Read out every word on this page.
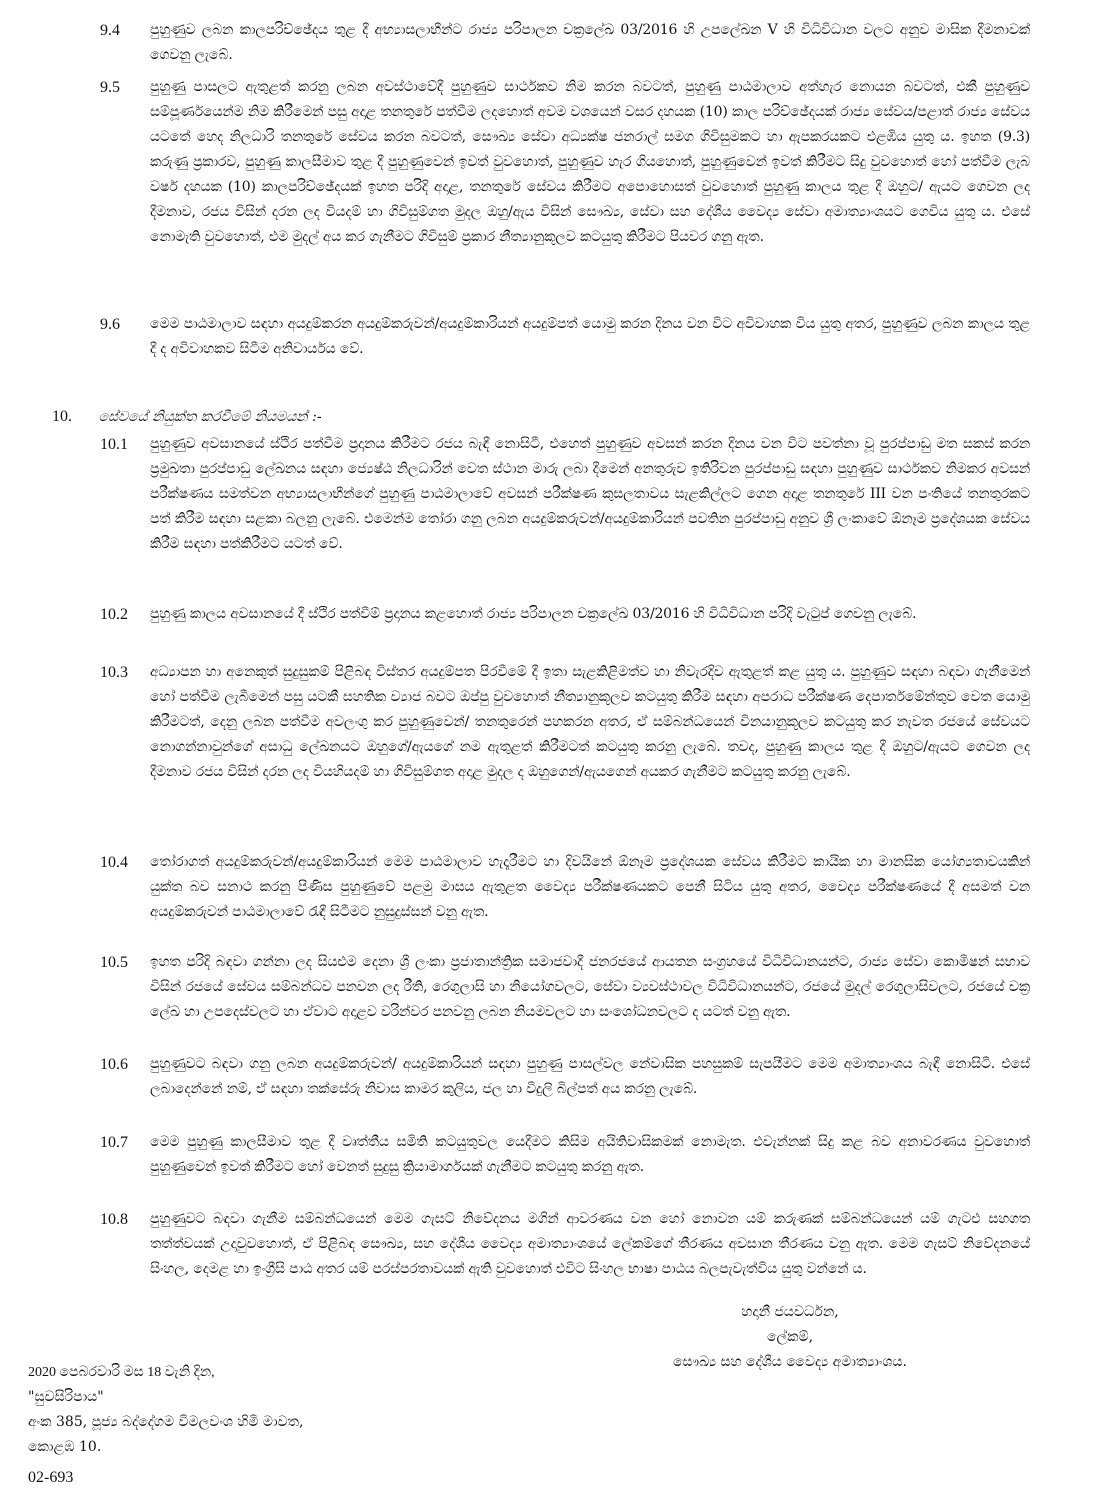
9.4	පුහුණුව ලබන කාලපරිච්ඡේදය තුළ දී අභ්‍යාසලාභීන්ට රාජ්‍ය පරිපාලන චක්‍රලේඛ 03/2016 හි උපලේඛන V හි විධිවිධාන වලට අනුව මාසික දීමනාවක් ගෙවනු ලැබේ.
9.5	පුහුණු පාසලට ඇතුළත් කරනු ලබන අවස්ථාවේදී පුහුණුව සාර්ථකව නිම කරන බවටත්, පුහුණු පාඨමාලාව අත්හැර නොයන බවටත්, එකී පුහුණුව සම්පූර්ණයෙන්ම නිම කිරීමෙන් පසු අදාළ තනතුරේ පත්වීම ලදහොත් අවම වශයෙන් වසර දහයක (10) කාල පරිච්ඡේදයක් රාජ්‍ය සේවය/පළාත් රාජ්‍ය සේවය යටතේ හෙද නිලධාරි තනතුරේ සේවය කරන බවටත්, සෞඛ්‍ය සේවා අධ්‍යක්ෂ ජනරාල් සමග ගිවිසුමකට හා ඇපකරයකට එළඹිය යුතු ය. ඉහත (9.3) කරුණු ප්‍රකාරව, පුහුණු කාලසීමාව තුළ දී පුහුණුවෙන් ඉවත් වුවහොත්, පුහුණුව හැර ගියහොත්, පුහුණුවෙන් ඉවත් කිරීමට සිදු වුවහොත් හෝ පත්වීම ලැබ වර්ෂ දහයක (10) කාලපරිච්ඡේදයක් ඉහත පරිදි අදාළ, තනතුරේ සේවය කිරීමට අපොහොසත් වුවහොත් පුහුණු කාලය තුළ දී ඔහුට/ ඇයට ගෙවන ලද දීමනාව, රජය විසින් දරන ලද වියදම් හා ගිවිසුම්ගත මුදල ඔහු/ඇය විසින් සෞඛ්‍ය, සේවා සහ දේශීය වෛද්‍ය සේවා අමාත්‍යාංශයට ගෙවිය යුතු ය. එසේ නොමැති වුවහොත්, එම මුදල් අය කර ගැනීමට ගිවිසුම් ප්‍රකාර නීත්‍යානුකූලව කටයුතු කිරීමට පියවර ගනු ඇත.
9.6	මෙම පාඨමාලාව සඳහා අයදුම්කරන අයදුම්කරුවන්/අයදුම්කාරියන් අයදුම්පත් යොමු කරන දිනය වන විට අවිවාහක විය යුතු අතර, පුහුණුව ලබන කාලය තුළ දී ද අවිවාහකව සිටීම අනිවාර්යය වේ.
10. සේවයේ නියුක්ත කරවීමේ නියමයන් :-
10.1	පුහුණුව අවසානයේ ස්ථිර පත්වීම ප්‍රදානය කිරීමට රජය බැඳී නොසිටී, එහෙත් පුහුණුව අවසන් කරන දිනය වන විට පවත්නා වූ පුරප්පාඩු මත සකස් කරන ප්‍රමුඛතා පුරප්පාඩු ලේඛනය සඳහා ජ්‍යෙෂ්ඨ නිලධාරින් වෙත ස්ථාන මාරු ලබා දීමෙන් අනතුරුව ඉතිරිවන පුරප්පාඩු සඳහා පුහුණුව සාර්ථකව නිමකර අවසන් පරීක්ෂණය සමත්වන අභ්‍යාසලාභීන්ගේ පුහුණු පාඨමාලාවේ අවසන් පරීක්ෂණ කුසලතාවය සැළකිල්ලට ගෙන අදාළ තනතුරේ III වන පංතියේ තනතුරකට පත් කිරීම සඳහා සළකා බලනු ලැබේ. එමෙන්ම තෝරා ගනු ලබන අයදුම්කරුවන්/අයදුම්කාරියන් පවතින පුරප්පාඩු අනුව ශ්‍රී ලංකාවේ ඕනෑම ප්‍රදේශයක සේවය කිරීම සඳහා පත්කිරීමට යටත් වේ.
10.2	පුහුණු කාලය අවසානයේ දී ස්ථිර පත්වීම් ප්‍රදානය කළහොත් රාජ්‍ය පරිපාලන චක්‍රලේඛ 03/2016 හි විධිවිධාන පරිදි වැටුප් ගෙවනු ලැබේ.
10.3	අධ්‍යාපන හා අනෙකුත් සුදුසුකම් පිළිබඳ විස්තර අයදුම්පත පිරවීමේ දී ඉතා සැළකිළිමත්ව හා නිවැරදිව ඇතුළත් කළ යුතු ය. පුහුණුව සඳහා බඳවා ගැනීමෙන් හෝ පත්වීම ලැබීමෙන් පසු යටකී සහතික ව්‍යාජ බවට ඔප්පු වුවහොත් නීත්‍යානුකූලව කටයුතු කිරීම සඳහා අපරාධ පරීක්ෂණ දෙපාර්තමේන්තුව වෙත යොමු කිරීමටත්, දෙනු ලබන පත්වීම අවලංගු කර පුහුණුවෙන්/ තනතුරෙන් පහකරන අතර, ඒ සම්බන්ධයෙන් විනයානුකූලව කටයුතු කර නැවත රජයේ සේවයට නොගන්නාවුන්ගේ අසාධු ලේඛනයට ඔහුගේ/ඇයගේ නම ඇතුළත් කිරීමටත් කටයුතු කරනු ලැබේ. තවද, පුහුණු කාලය තුළ දී ඔහුට/ඇයට ගෙවන ලද දීමනාව රජය විසින් දරන ලද වියහියදම් හා ගිවිසුම්ගත අදාළ මුදල ද ඔහුගෙන්/ඇයගෙන් අයකර ගැනීමට කටයුතු කරනු ලැබේ.
10.4	තෝරාගත් අයදුම්කරුවන්/අයදුම්කාරියන් මෙම පාඨමාලාව හැදෑරීමට හා දිවයිනේ ඕනෑම ප්‍රදේශයක සේවය කිරීමට කායික හා මානසික යෝග්‍යතාවයකින් යුක්ත බව සනාථ කරනු පිණිස පුහුණුවේ පළමු මාසය ඇතුළත වෛද්‍ය පරීක්ෂණයකට පෙනී සිටිය යුතු අතර, වෛද්‍ය පරීක්ෂණයේ දී අසමත් වන අයදුම්කරුවන් පාඨමාලාවේ රැඳී සිටීමට නුසුදුස්සන් වනු ඇත.
10.5	ඉහත පරිදි බඳවා ගන්නා ලද සියළුම දෙනා ශ්‍රී ලංකා ප්‍රජාතාන්ත්‍රික සමාජවාදී ජනරජයේ ආයතන සංග්‍රහයේ විධිවිධානයන්ට, රාජ්‍ය සේවා කොමිෂන් සභාව විසින් රජයේ සේවය සම්බන්ධව පනවන ලද රීති, රෙගුලාසි හා නියෝගවලට, සේවා ව්‍යවස්ථාවල විධිවිධානයන්ට, රජයේ මුදල් රෙගුලාසිවලට, රජයේ චක්‍ර ලේඛ හා උපදෙස්වලට හා ඒවාට අදාළව වරින්වර පනවනු ලබන නියමවලට හා සංශෝධනවලට ද යටත් වනු ඇත.
10.6	පුහුණුවට බඳවා ගනු ලබන අයදුම්කරුවන්/ අයදුම්කාරියන් සඳහා පුහුණු පාසල්වල නේවාසික පහසුකම් සැපයීමට මෙම අමාත්‍යාංශය බැඳී නොසිටී. එසේ ලබාදෙන්නේ නම්, ඒ සඳහා තක්සේරු නිවාස කාමර කුලිය, ජල හා විදුලි බිල්පත් අය කරනු ලැබේ.
10.7	මෙම පුහුණු කාලසීමාව තුළ දී වෘත්තීය සමිති කටයුතුවල යෙදීමට කිසිම අයිතිවාසිකමක් නොමැත. එවැන්නක් සිදු කළ බව අනාවරණය වුවහොත් පුහුණුවෙන් ඉවත් කිරීමට හෝ වෙනත් සුදුසු ක්‍රියාමාර්ගයක් ගැනීමට කටයුතු කරනු ඇත.
10.8	පුහුණුවට බඳවා ගැනීම සම්බන්ධයෙන් මෙම ගැසට් නිවේදනය මගින් ආවරණය වන හෝ නොවන යම් කරුණක් සම්බන්ධයෙන් යම් ගැටළු සහගත තත්ත්වයක් උදාවුවහොත්, ඒ පිළිබඳ සෞඛ්‍ය, සහ දේශීය වෛද්‍ය අමාත්‍යාංශයේ ලේකම්ගේ තීරණය අවසාන තීරණය වනු ඇත. මෙම ගැසට් නිවේදනයේ සිංහල, දෙමළ හා ඉංග්‍රීසි පාඨ අතර යම් පරස්පරතාවයක් ඇති වුවහොත් එවිට සිංහල භාෂා පාඨය බලපැවැත්විය යුතු වන්නේ ය.
හදානී ජයවර්ධන,
ලේකම්,
සෞඛ්‍ය සහ දේශීය වෛද්‍ය අමාත්‍යාංශය.
2020 පෙබරවාරි මස 18 වැනි දින,
"සුවසිරිපාය"
අංක 385, පූජ්‍ය බද්දේගම විමලවංශ හිමි මාවත,
කොළඹ 10.
02-693
